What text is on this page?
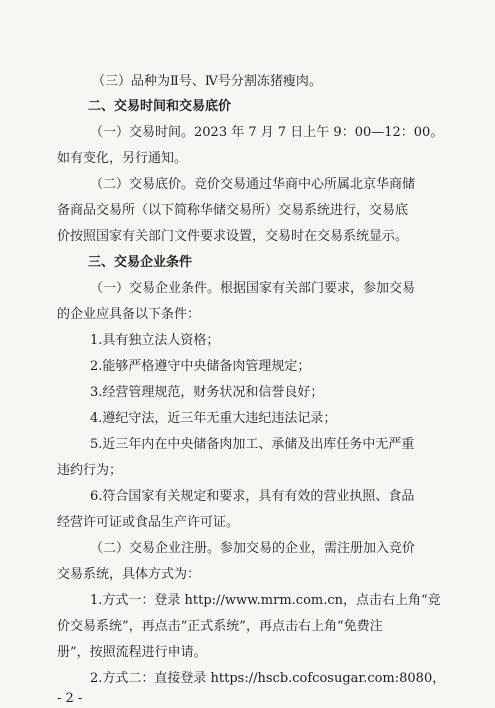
（三）品种为Ⅱ号、Ⅳ号分割冻猪瘦肉。
二、交易时间和交易底价
（一）交易时间。2023 年 7 月 7 日上午 9：00—12：00。
如有变化，另行通知。
（二）交易底价。竞价交易通过华商中心所属北京华商储
备商品交易所（以下简称华储交易所）交易系统进行，交易底
价按照国家有关部门文件要求设置，交易时在交易系统显示。
三、交易企业条件
（一）交易企业条件。根据国家有关部门要求，参加交易
的企业应具备以下条件：
1.具有独立法人资格；
2.能够严格遵守中央储备肉管理规定；
3.经营管理规范，财务状况和信誉良好；
4.遵纪守法，近三年无重大违纪违法记录；
5.近三年内在中央储备肉加工、承储及出库任务中无严重
违约行为；
6.符合国家有关规定和要求，具有有效的营业执照、食品
经营许可证或食品生产许可证。
（二）交易企业注册。参加交易的企业，需注册加入竞价
交易系统，具体方式为：
1.方式一：登录 http://www.mrm.com.cn，点击右上角“竞
价交易系统”，再点击“正式系统”，再点击右上角“免费注
册”，按照流程进行申请。
2.方式二：直接登录 https://hscb.cofcosugar.com:8080，
- 2 -
